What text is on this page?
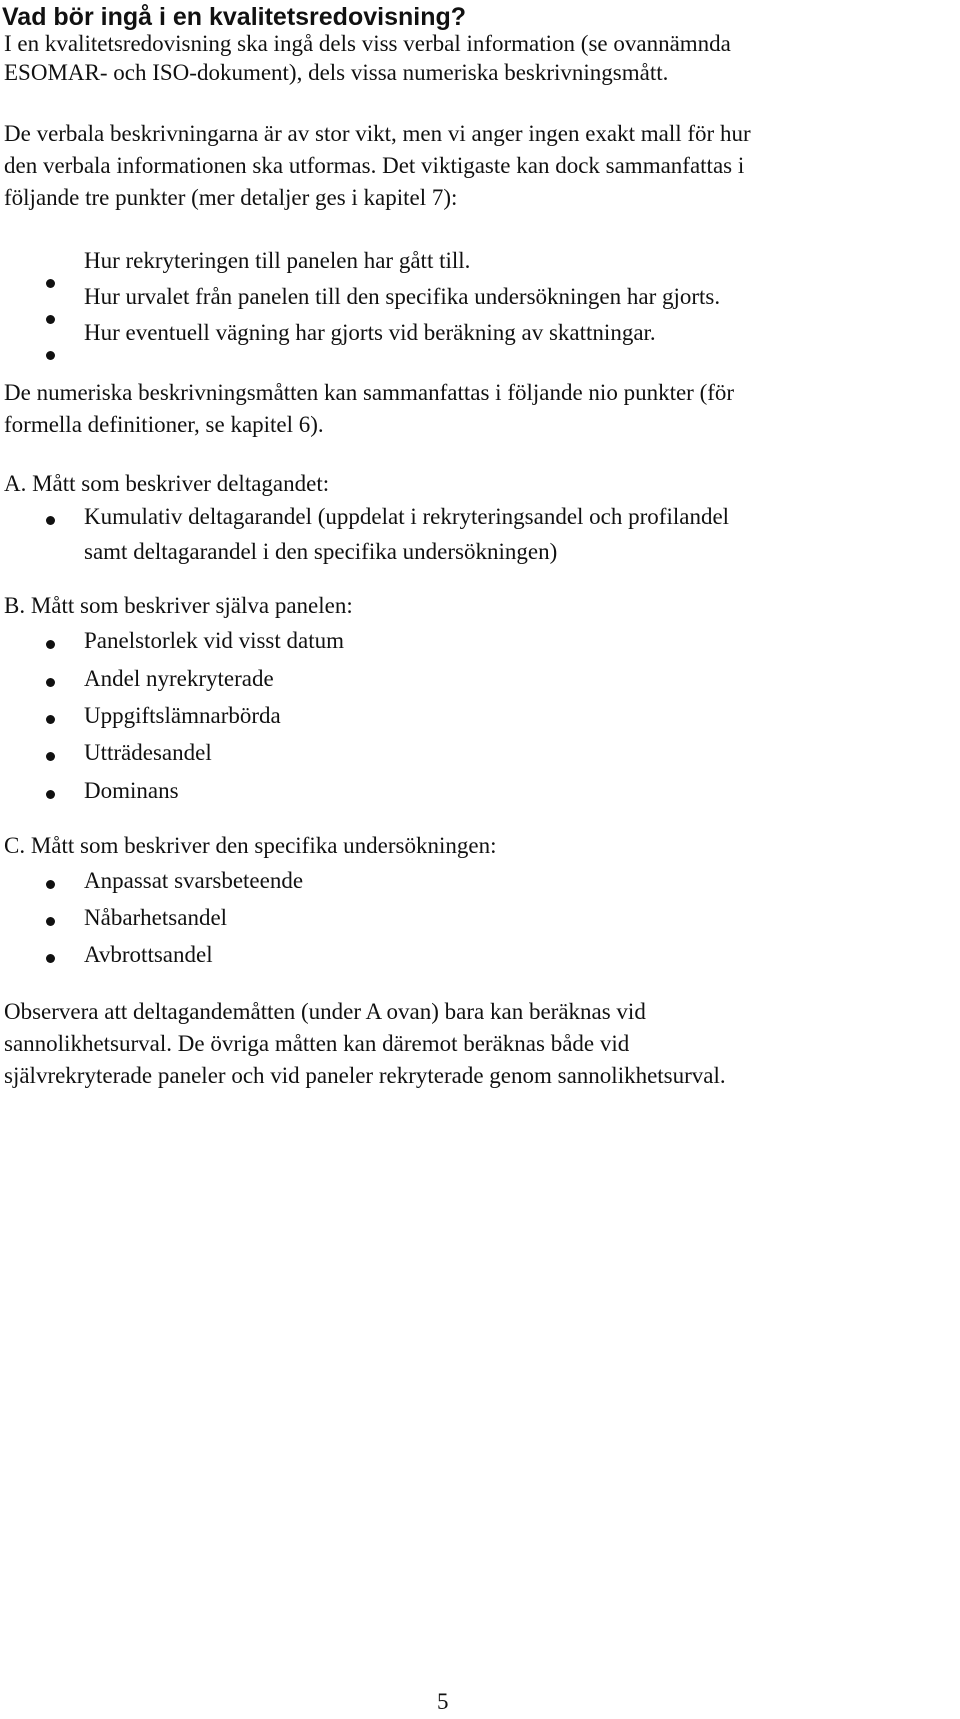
Vad bör ingå i en kvalitetsredovisning?
I en kvalitetsredovisning ska ingå dels viss verbal information (se ovannämnda
ESOMAR- och ISO-dokument), dels vissa numeriska beskrivningsmått.
De verbala beskrivningarna är av stor vikt, men vi anger ingen exakt mall för hur
den verbala informationen ska utformas. Det viktigaste kan dock sammanfattas i
följande tre punkter (mer detaljer ges i kapitel 7):
Hur rekryteringen till panelen har gått till.
Hur urvalet från panelen till den specifika undersökningen har gjorts.
Hur eventuell vägning har gjorts vid beräkning av skattningar.
De numeriska beskrivningsmåtten kan sammanfattas i följande nio punkter (för
formella definitioner, se kapitel 6).
A. Mått som beskriver deltagandet:
Kumulativ deltagarandel (uppdelat i rekryteringsandel och profilandel
samt deltagarandel i den specifika undersökningen)
B. Mått som beskriver själva panelen:
Panelstorlek vid visst datum
Andel nyrekryterade
Uppgiftslämnarbörda
Utträdesandel
Dominans
C. Mått som beskriver den specifika undersökningen:
Anpassat svarsbeteende
Nåbarhetsandel
Avbrottsandel
Observera att deltagandemåtten (under A ovan) bara kan beräknas vid
sannolikhetsurval. De övriga måtten kan däremot beräknas både vid
självrekryterade paneler och vid paneler rekryterade genom sannolikhetsurval.
5
